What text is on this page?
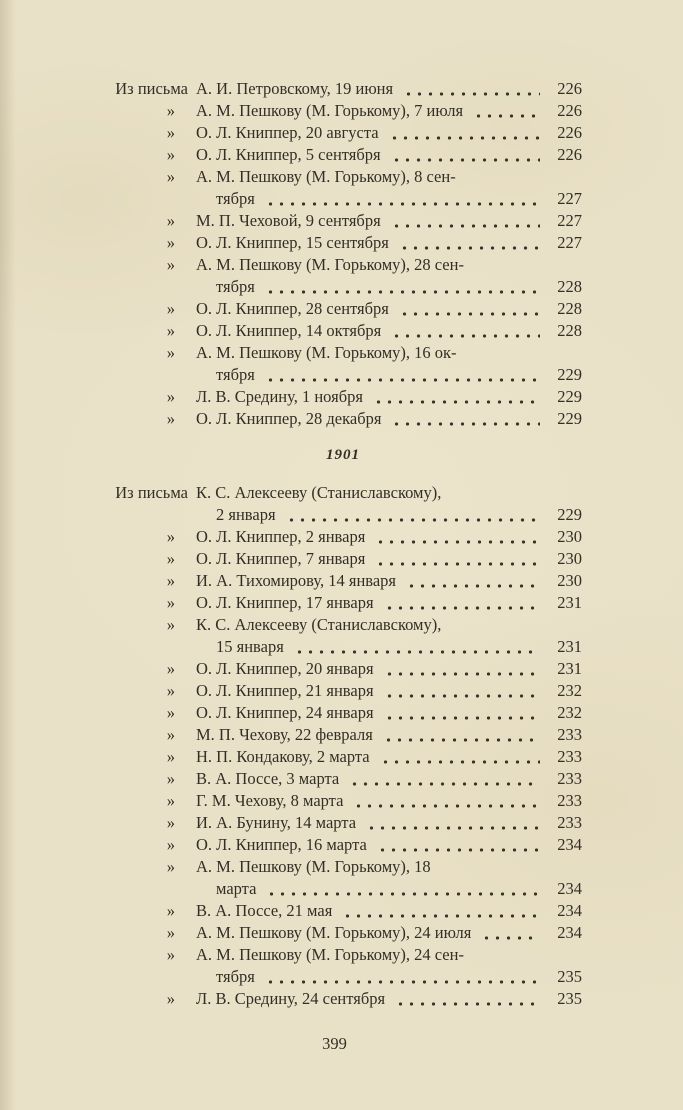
Из письма А. И. Петровскому, 19 июня	226
»	А. М. Пешкову (М. Горькому), 7 июля	226
»	О. Л. Книппер, 20 августа	226
»	О. Л. Книппер, 5 сентября	226
»	А. М. Пешкову (М. Горькому), 8 сен-
тября	227
»	М. П. Чеховой, 9 сентября	227
»	О. Л. Книппер, 15 сентября	227
»	А. М. Пешкову (М. Горькому), 28 сен-
тября	228
»	О. Л. Книппер, 28 сентября	228
»	О. Л. Книппер, 14 октября	228
»	А. М. Пешкову (М. Горькому), 16 ок-
тября	229
»	Л. В. Средину, 1 ноября	229
»	О. Л. Книппер, 28 декабря	229
1901
Из письма К. С. Алексееву (Станиславскому),
2 января	229
»	О. Л. Книппер, 2 января	230
»	О. Л. Книппер, 7 января	230
»	И. А. Тихомирову, 14 января	230
»	О. Л. Книппер, 17 января	231
»	К. С. Алексееву (Станиславскому),
15 января	231
»	О. Л. Книппер, 20 января	231
»	О. Л. Книппер, 21 января	232
»	О. Л. Книппер, 24 января	232
»	М. П. Чехову, 22 февраля	233
»	Н. П. Кондакову, 2 марта	233
»	В. А. Поссе, 3 марта	233
»	Г. М. Чехову, 8 марта	233
»	И. А. Бунину, 14 марта	233
»	О. Л. Книппер, 16 марта	234
»	А. М. Пешкову (М. Горькому), 18
марта	234
»	В. А. Поссе, 21 мая	234
»	А. М. Пешкову (М. Горькому), 24 июля	234
»	А. М. Пешкову (М. Горькому), 24 сен-
тября	235
»	Л. В. Средину, 24 сентября	235
399
